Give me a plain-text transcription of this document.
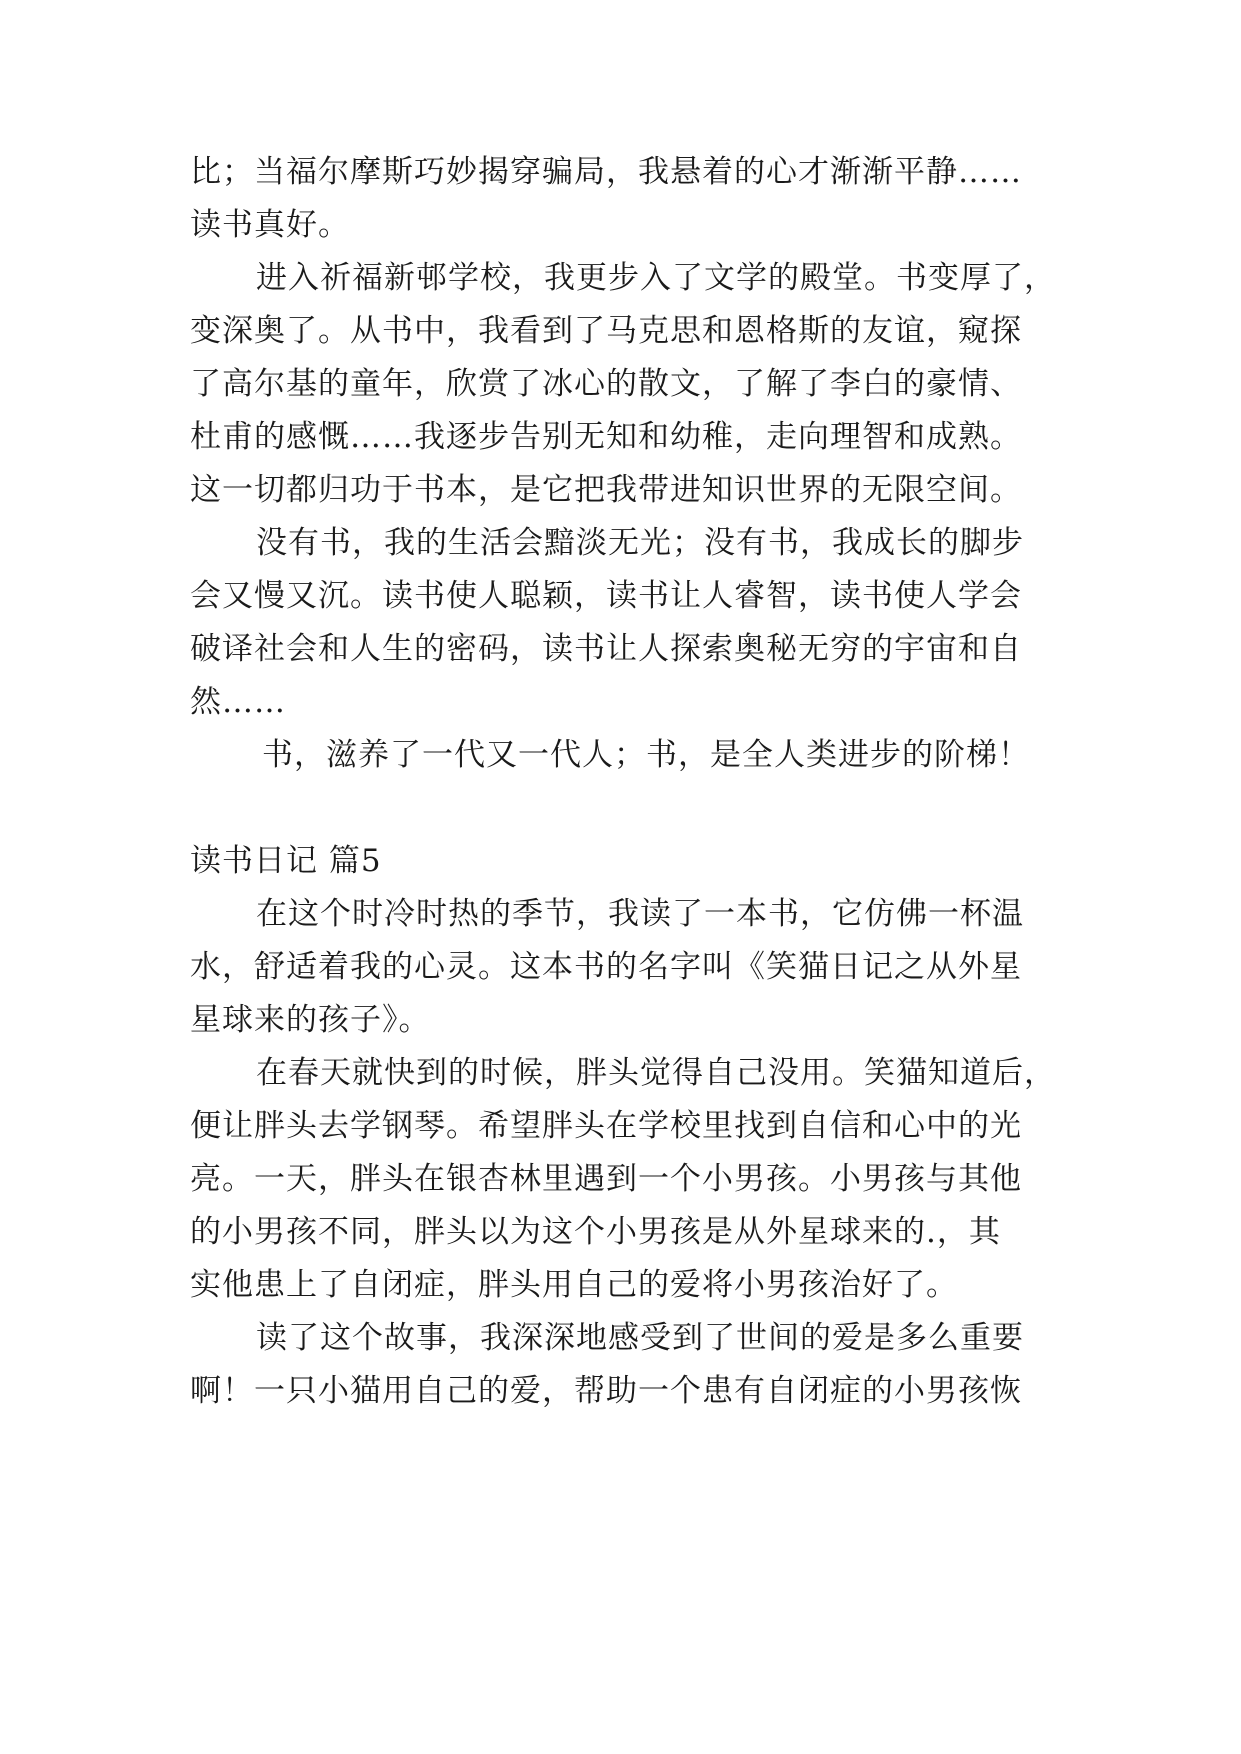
比；当福尔摩斯巧妙揭穿骗局，我悬着的心才渐渐平静……
读书真好。
进入祈福新邨学校，我更步入了文学的殿堂。书变厚了，
变深奥了。从书中，我看到了马克思和恩格斯的友谊，窥探
了高尔基的童年，欣赏了冰心的散文，了解了李白的豪情、
杜甫的感慨……我逐步告别无知和幼稚，走向理智和成熟。
这一切都归功于书本，是它把我带进知识世界的无限空间。
没有书，我的生活会黯淡无光；没有书，我成长的脚步
会又慢又沉。读书使人聪颖，读书让人睿智，读书使人学会
破译社会和人生的密码，读书让人探索奥秘无穷的宇宙和自
然……
书，滋养了一代又一代人；书，是全人类进步的阶梯！
读书日记 篇5
在这个时冷时热的季节，我读了一本书，它仿佛一杯温
水，舒适着我的心灵。这本书的名字叫《笑猫日记之从外星
星球来的孩子》。
在春天就快到的时候，胖头觉得自己没用。笑猫知道后，
便让胖头去学钢琴。希望胖头在学校里找到自信和心中的光
亮。一天，胖头在银杏林里遇到一个小男孩。小男孩与其他
的小男孩不同，胖头以为这个小男孩是从外星球来的.，其
实他患上了自闭症，胖头用自己的爱将小男孩治好了。
读了这个故事，我深深地感受到了世间的爱是多么重要
啊！一只小猫用自己的爱，帮助一个患有自闭症的小男孩恢
